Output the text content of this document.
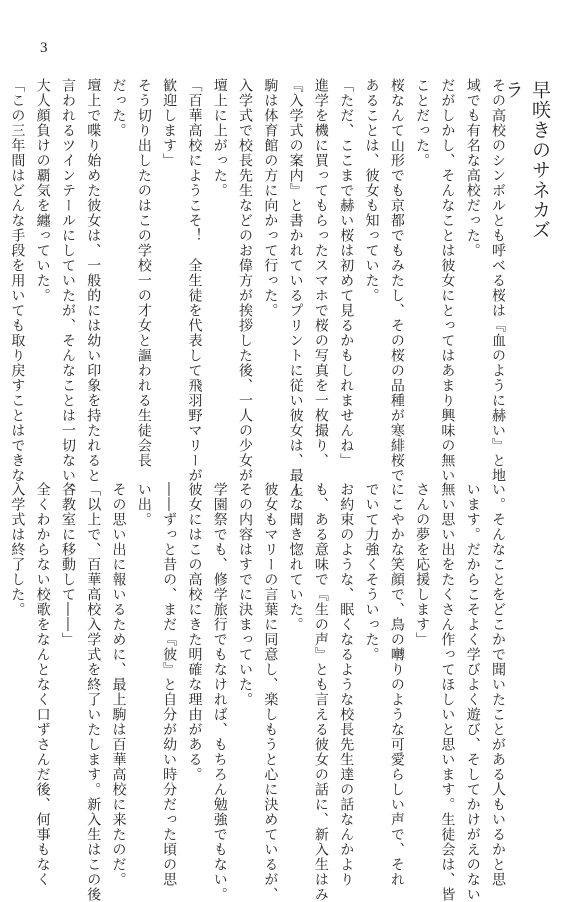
3
早咲きのサネカズラ
その高校のシンボルとも呼べる桜は『血のように赫い』と地
域でも有名な高校だった。
だがしかし、そんなことは彼女にとってはあまり興味の無い
ことだった。
桜なんて山形でも京都でもみたし、その桜の品種が寒緋桜で
あることは、彼女も知っていた。
「ただ、ここまで赫い桜は初めて見るかもしれませんね」
進学を機に買ってもらったスマホで桜の写真を一枚撮り、
『入学式の案内』と書かれているプリントに従い彼女は、最上
駒は体育館の方に向かって行った。
入学式で校長先生などのお偉方が挨拶した後、一人の少女が
壇上に上がった。
「百華高校にようこそ！　全生徒を代表して飛羽野マリーが
歓迎します」
そう切り出したのはこの学校一の才女と謳われる生徒会長
だった。
壇上で喋り始めた彼女は、一般的には幼い印象を持たれると
言われるツインテールにしていたが、そんなことは一切ない、
大人顔負けの覇気を纏っていた。
「この三年間はどんな手段を用いても取り戻すことはできな
い。そんなことをどこかで聞いたことがある人もいるかと思
います。だからこそよく学びよく遊び、そしてかけがえのない
無い思い出をたくさん作ってほしいと思います。生徒会は、皆
さんの夢を応援します」
にこやかな笑顔で、鳥の囀りのような可愛らしい声で、それ
でいて力強くそういった。
お約束のような、眠くなるような校長先生達の話なんかより
も、ある意味で『生の声』とも言える彼女の話に、新入生はみ
んな聞き惚れていた。
彼女もマリーの言葉に同意し、楽しもうと心に決めているが、
その内容はすでに決まっていた。
学園祭でも、修学旅行でもなければ、もちろん勉強でもない。
彼女にはこの高校にきた明確な理由がある。
――ずっと昔の、まだ『彼』と自分が幼い時分だった頃の思
い出。
その思い出に報いるために、最上駒は百華高校に来たのだ。
「以上で、百華高校入学式を終了いたします。新入生はこの後
各教室に移動して――」
全くわからない校歌をなんとなく口ずさんだ後、何事もなく
入学式は終了した。
